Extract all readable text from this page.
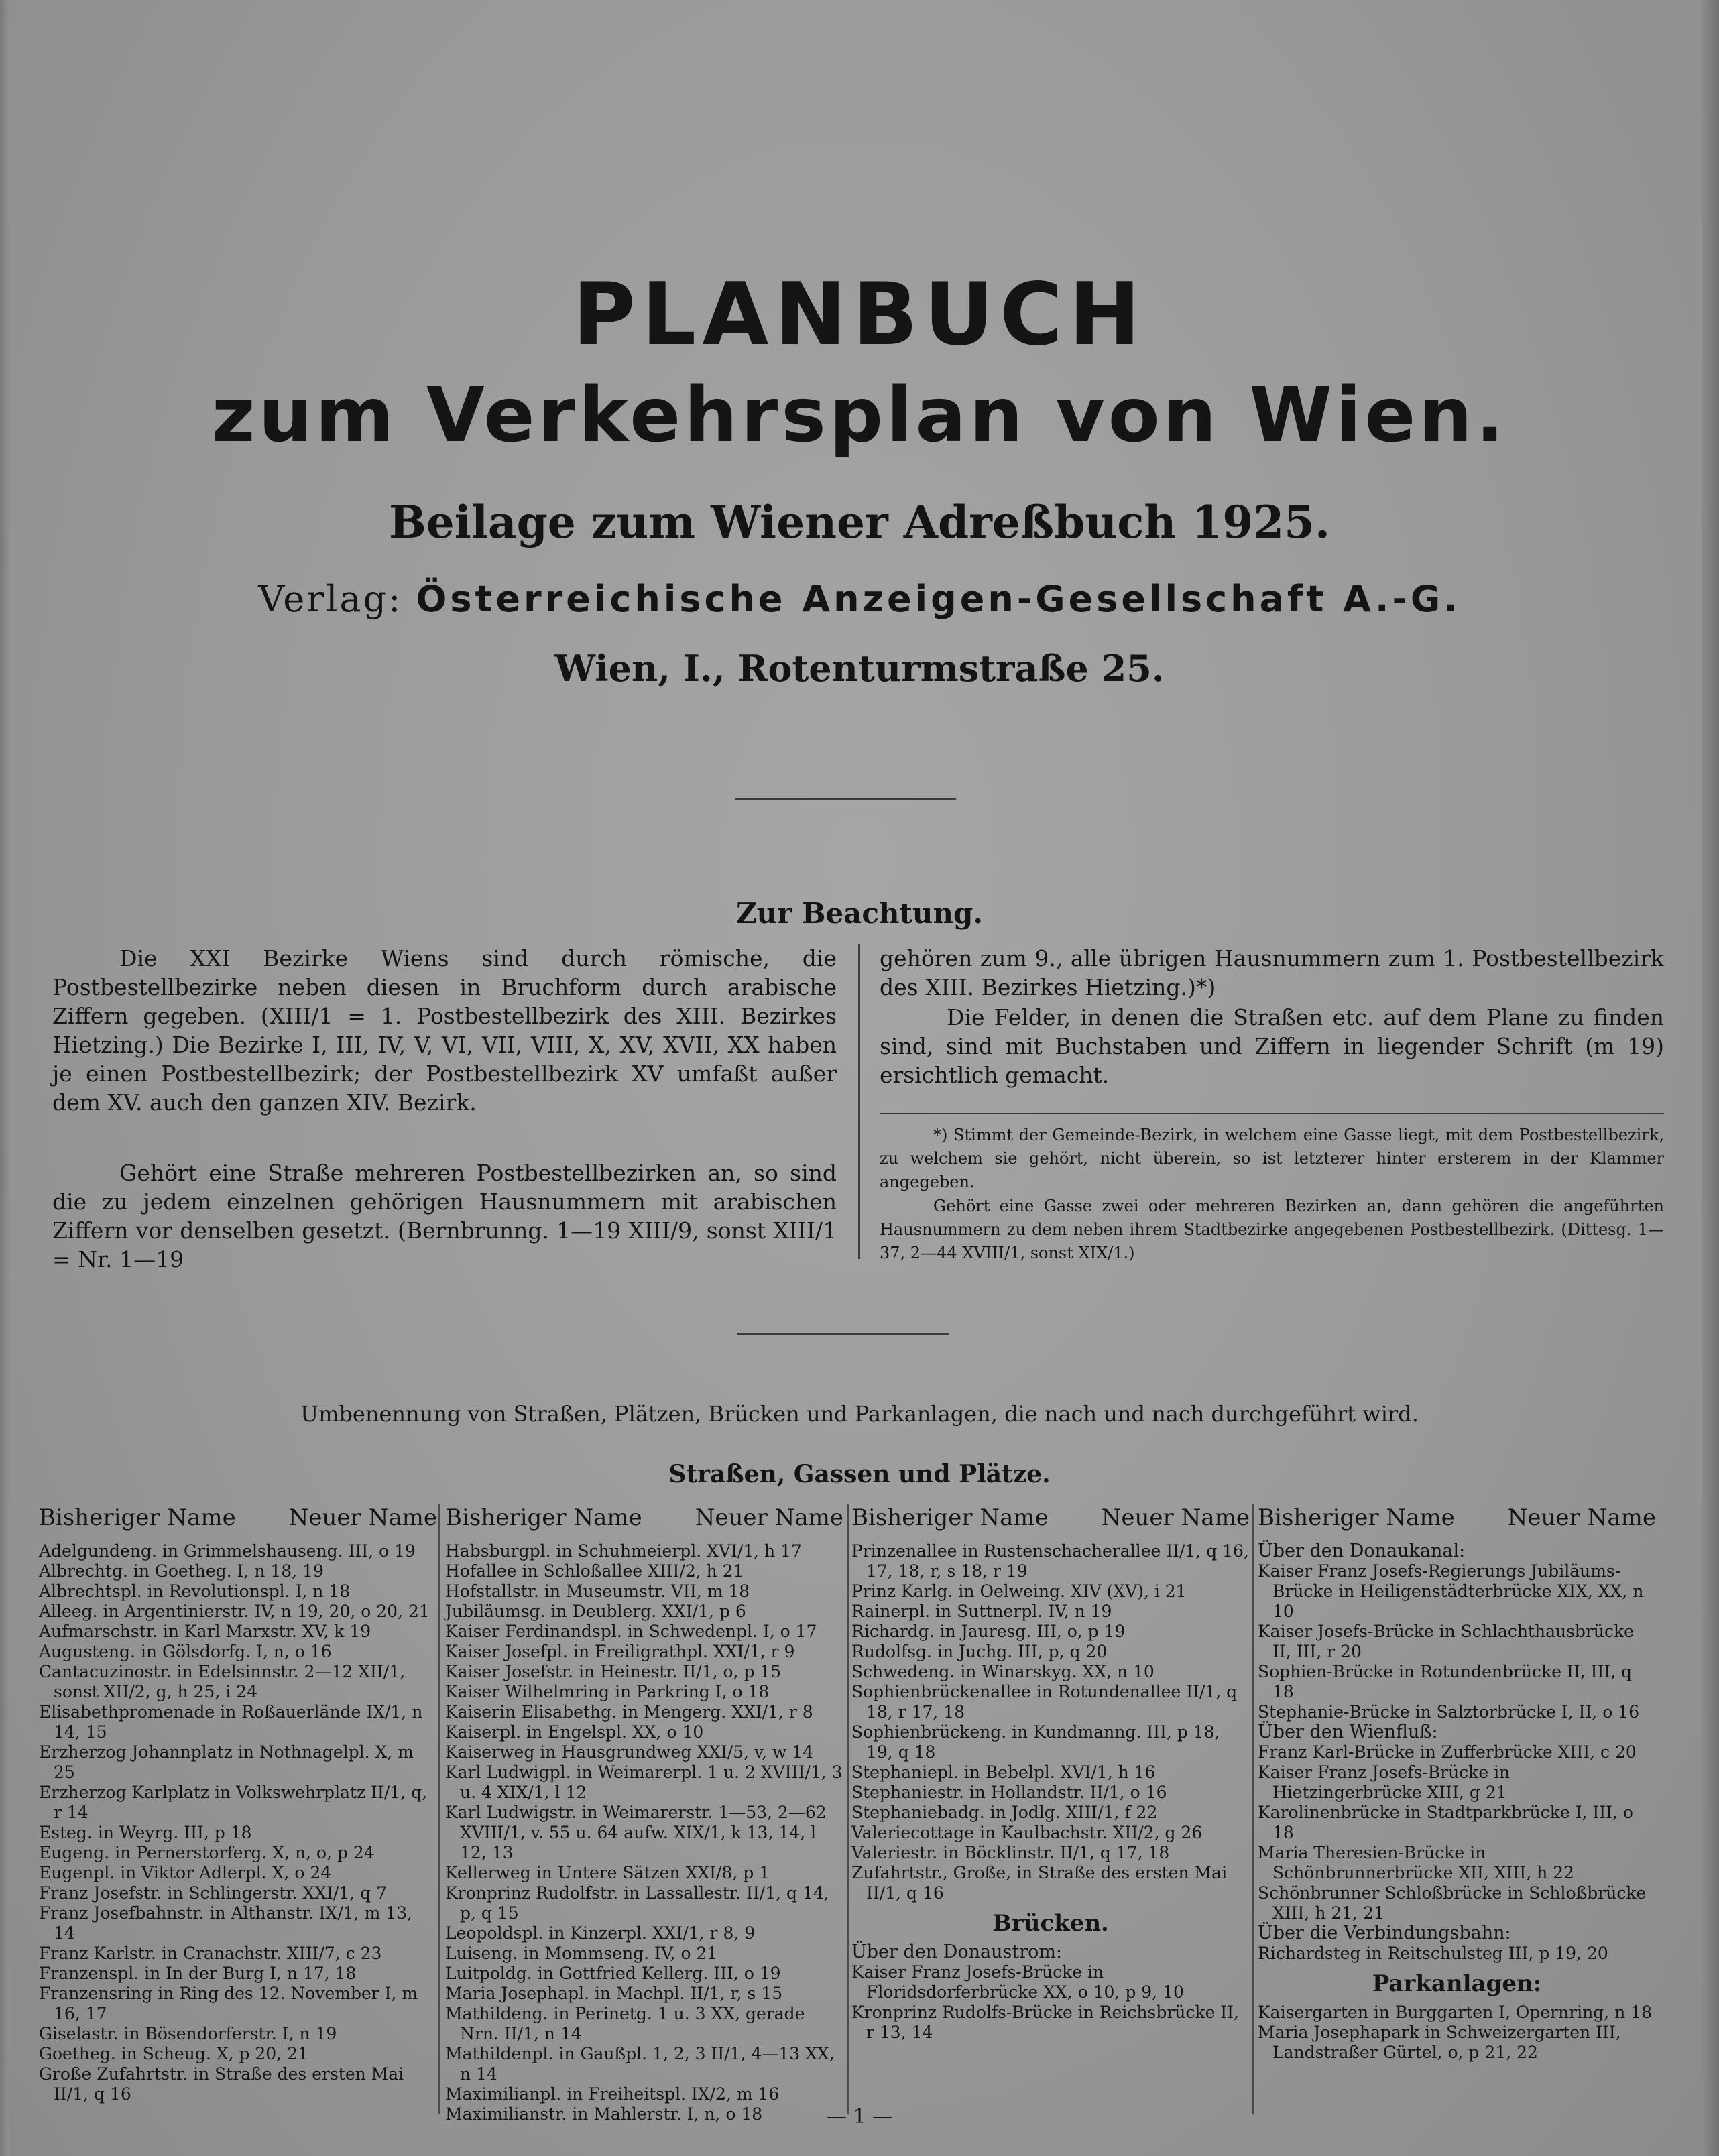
PLANBUCH
zum Verkehrsplan von Wien.
Beilage zum Wiener Adreßbuch 1925.
Verlag: Österreichische Anzeigen-Gesellschaft A.-G.
Wien, I., Rotenturmstraße 25.
Zur Beachtung.
Die XXI Bezirke Wiens sind durch römische, die Postbestellbezirke neben diesen in Bruchform durch arabische Ziffern gegeben. (XIII/1 = 1. Postbestellbezirk des XIII. Bezirkes Hietzing.) Die Bezirke I, III, IV, V, VI, VII, VIII, X, XV, XVII, XX haben je einen Postbestellbezirk; der Postbestellbezirk XV umfaßt außer dem XV. auch den ganzen XIV. Bezirk.
Gehört eine Straße mehreren Postbestellbezirken an, so sind die zu jedem einzelnen gehörigen Hausnummern mit arabischen Ziffern vor denselben gesetzt. (Bernbrunng. 1—19 XIII/9, sonst XIII/1 = Nr. 1—19
gehören zum 9., alle übrigen Hausnummern zum 1. Postbestellbezirk des XIII. Bezirkes Hietzing.)*)
Die Felder, in denen die Straßen etc. auf dem Plane zu finden sind, sind mit Buchstaben und Ziffern in liegender Schrift (m 19) ersichtlich gemacht.
*) Stimmt der Gemeinde-Bezirk, in welchem eine Gasse liegt, mit dem Postbestellbezirk, zu welchem sie gehört, nicht überein, so ist letzterer hinter ersterem in der Klammer angegeben.
Gehört eine Gasse zwei oder mehreren Bezirken an, dann gehören die angeführten Hausnummern zu dem neben ihrem Stadtbezirke angegebenen Postbestellbezirk. (Dittesg. 1—37, 2—44 XVIII/1, sonst XIX/1.)
Umbenennung von Straßen, Plätzen, Brücken und Parkanlagen, die nach und nach durchgeführt wird.
Straßen, Gassen und Plätze.
Bisheriger Name Neuer Name
Adelgundeng. in Grimmelshauseng. III, o 19
Albrechtg. in Goetheg. I, n 18, 19
Albrechtspl. in Revolutionspl. I, n 18
Alleeg. in Argentinierstr. IV, n 19, 20, o 20, 21
Aufmarschstr. in Karl Marxstr. XV, k 19
Augusteng. in Gölsdorfg. I, n, o 16
Cantacuzinostr. in Edelsinnstr. 2—12 XII/1, sonst XII/2, g, h 25, i 24
Elisabethpromenade in Roßauerlände IX/1, n 14, 15
Erzherzog Johannplatz in Nothnagelpl. X, m 25
Erzherzog Karlplatz in Volkswehrplatz II/1, q, r 14
Esteg. in Weyrg. III, p 18
Eugeng. in Pernerstorferg. X, n, o, p 24
Eugenpl. in Viktor Adlerpl. X, o 24
Franz Josefstr. in Schlingerstr. XXI/1, q 7
Franz Josefbahnstr. in Althanstr. IX/1, m 13, 14
Franz Karlstr. in Cranachstr. XIII/7, c 23
Franzenspl. in In der Burg I, n 17, 18
Franzensring in Ring des 12. November I, m 16, 17
Giselastr. in Bösendorferstr. I, n 19
Goetheg. in Scheug. X, p 20, 21
Große Zufahrtstr. in Straße des ersten Mai II/1, q 16
Bisheriger Name Neuer Name
Habsburgpl. in Schuhmeierpl. XVI/1, h 17
Hofallee in Schloßallee XIII/2, h 21
Hofstallstr. in Museumstr. VII, m 18
Jubiläumsg. in Deublerg. XXI/1, p 6
Kaiser Ferdinandspl. in Schwedenpl. I, o 17
Kaiser Josefpl. in Freiligrathpl. XXI/1, r 9
Kaiser Josefstr. in Heinestr. II/1, o, p 15
Kaiser Wilhelmring in Parkring I, o 18
Kaiserin Elisabethg. in Mengerg. XXI/1, r 8
Kaiserpl. in Engelspl. XX, o 10
Kaiserweg in Hausgrundweg XXI/5, v, w 14
Karl Ludwigpl. in Weimarerpl. 1 u. 2 XVIII/1, 3 u. 4 XIX/1, l 12
Karl Ludwigstr. in Weimarerstr. 1—53, 2—62 XVIII/1, v. 55 u. 64 aufw. XIX/1, k 13, 14, l 12, 13
Kellerweg in Untere Sätzen XXI/8, p 1
Kronprinz Rudolfstr. in Lassallestr. II/1, q 14, p, q 15
Leopoldspl. in Kinzerpl. XXI/1, r 8, 9
Luiseng. in Mommseng. IV, o 21
Luitpoldg. in Gottfried Kellerg. III, o 19
Maria Josephapl. in Machpl. II/1, r, s 15
Mathildeng. in Perinetg. 1 u. 3 XX, gerade Nrn. II/1, n 14
Mathildenpl. in Gaußpl. 1, 2, 3 II/1, 4—13 XX, n 14
Maximilianpl. in Freiheitspl. IX/2, m 16
Maximilianstr. in Mahlerstr. I, n, o 18
Bisheriger Name Neuer Name
Prinzenallee in Rustenschacherallee II/1, q 16, 17, 18, r, s 18, r 19
Prinz Karlg. in Oelweing. XIV (XV), i 21
Rainerpl. in Suttnerpl. IV, n 19
Richardg. in Jauresg. III, o, p 19
Rudolfsg. in Juchg. III, p, q 20
Schwedeng. in Winarskyg. XX, n 10
Sophienbrückenallee in Rotundenallee II/1, q 18, r 17, 18
Sophienbrückeng. in Kundmanng. III, p 18, 19, q 18
Stephaniepl. in Bebelpl. XVI/1, h 16
Stephaniestr. in Hollandstr. II/1, o 16
Stephaniebadg. in Jodlg. XIII/1, f 22
Valeriecottage in Kaulbachstr. XII/2, g 26
Valeriestr. in Böcklinstr. II/1, q 17, 18
Zufahrtstr., Große, in Straße des ersten Mai II/1, q 16
Brücken.
Über den Donaustrom:
Kaiser Franz Josefs-Brücke in Floridsdorferbrücke XX, o 10, p 9, 10
Kronprinz Rudolfs-Brücke in Reichsbrücke II, r 13, 14
Bisheriger Name Neuer Name
Über den Donaukanal:
Kaiser Franz Josefs-Regierungs Jubiläums-Brücke in Heiligenstädterbrücke XIX, XX, n 10
Kaiser Josefs-Brücke in Schlachthausbrücke II, III, r 20
Sophien-Brücke in Rotundenbrücke II, III, q 18
Stephanie-Brücke in Salztorbrücke I, II, o 16
Über den Wienfluß:
Franz Karl-Brücke in Zufferbrücke XIII, c 20
Kaiser Franz Josefs-Brücke in Hietzingerbrücke XIII, g 21
Karolinenbrücke in Stadtparkbrücke I, III, o 18
Maria Theresien-Brücke in Schönbrunnerbrücke XII, XIII, h 22
Schönbrunner Schloßbrücke in Schloßbrücke XIII, h 21, 21
Über die Verbindungsbahn:
Richardsteg in Reitschulsteg III, p 19, 20
Parkanlagen:
Kaisergarten in Burggarten I, Opernring, n 18
Maria Josephapark in Schweizergarten III, Landstraßer Gürtel, o, p 21, 22
— 1 —
